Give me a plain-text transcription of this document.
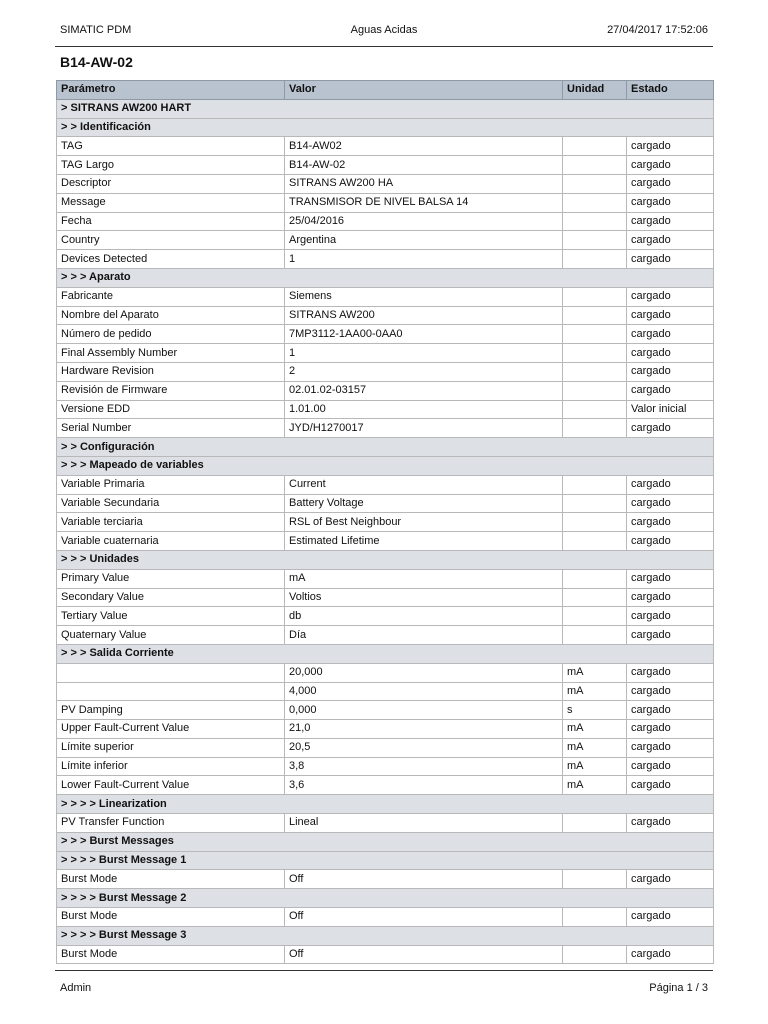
SIMATIC PDM	Aguas Acidas	27/04/2017 17:52:06
B14-AW-02
Parámetro	Valor	Unidad	Estado
> SITRANS AW200 HART			
> > Identificación			
TAG	B14-AW02		cargado
TAG Largo	B14-AW-02		cargado
Descriptor	SITRANS AW200 HA		cargado
Message	TRANSMISOR DE NIVEL BALSA 14		cargado
Fecha	25/04/2016		cargado
Country	Argentina		cargado
Devices Detected	1		cargado
> > > Aparato			
Fabricante	Siemens		cargado
Nombre del Aparato	SITRANS AW200		cargado
Número de pedido	7MP3112-1AA00-0AA0		cargado
Final Assembly Number	1		cargado
Hardware Revision	2		cargado
Revisión de Firmware	02.01.02-03157		cargado
Versione EDD	1.01.00		Valor inicial
Serial Number	JYD/H1270017		cargado
> > Configuración			
> > > Mapeado de variables			
Variable Primaria	Current		cargado
Variable Secundaria	Battery Voltage		cargado
Variable terciaria	RSL of Best Neighbour		cargado
Variable cuaternaria	Estimated Lifetime		cargado
> > > Unidades			
Primary Value	mA		cargado
Secondary Value	Voltios		cargado
Tertiary Value	db		cargado
Quaternary Value	Día		cargado
> > > Salida Corriente			
	20,000	mA	cargado
	4,000	mA	cargado
PV Damping	0,000	s	cargado
Upper Fault-Current Value	21,0	mA	cargado
Límite superior	20,5	mA	cargado
Límite inferior	3,8	mA	cargado
Lower Fault-Current Value	3,6	mA	cargado
> > > > Linearization			
PV Transfer Function	Lineal		cargado
> > > Burst Messages			
> > > > Burst Message 1			
Burst Mode	Off		cargado
> > > > Burst Message 2			
Burst Mode	Off		cargado
> > > > Burst Message 3			
Burst Mode	Off		cargado
Admin	Página 1 / 3
